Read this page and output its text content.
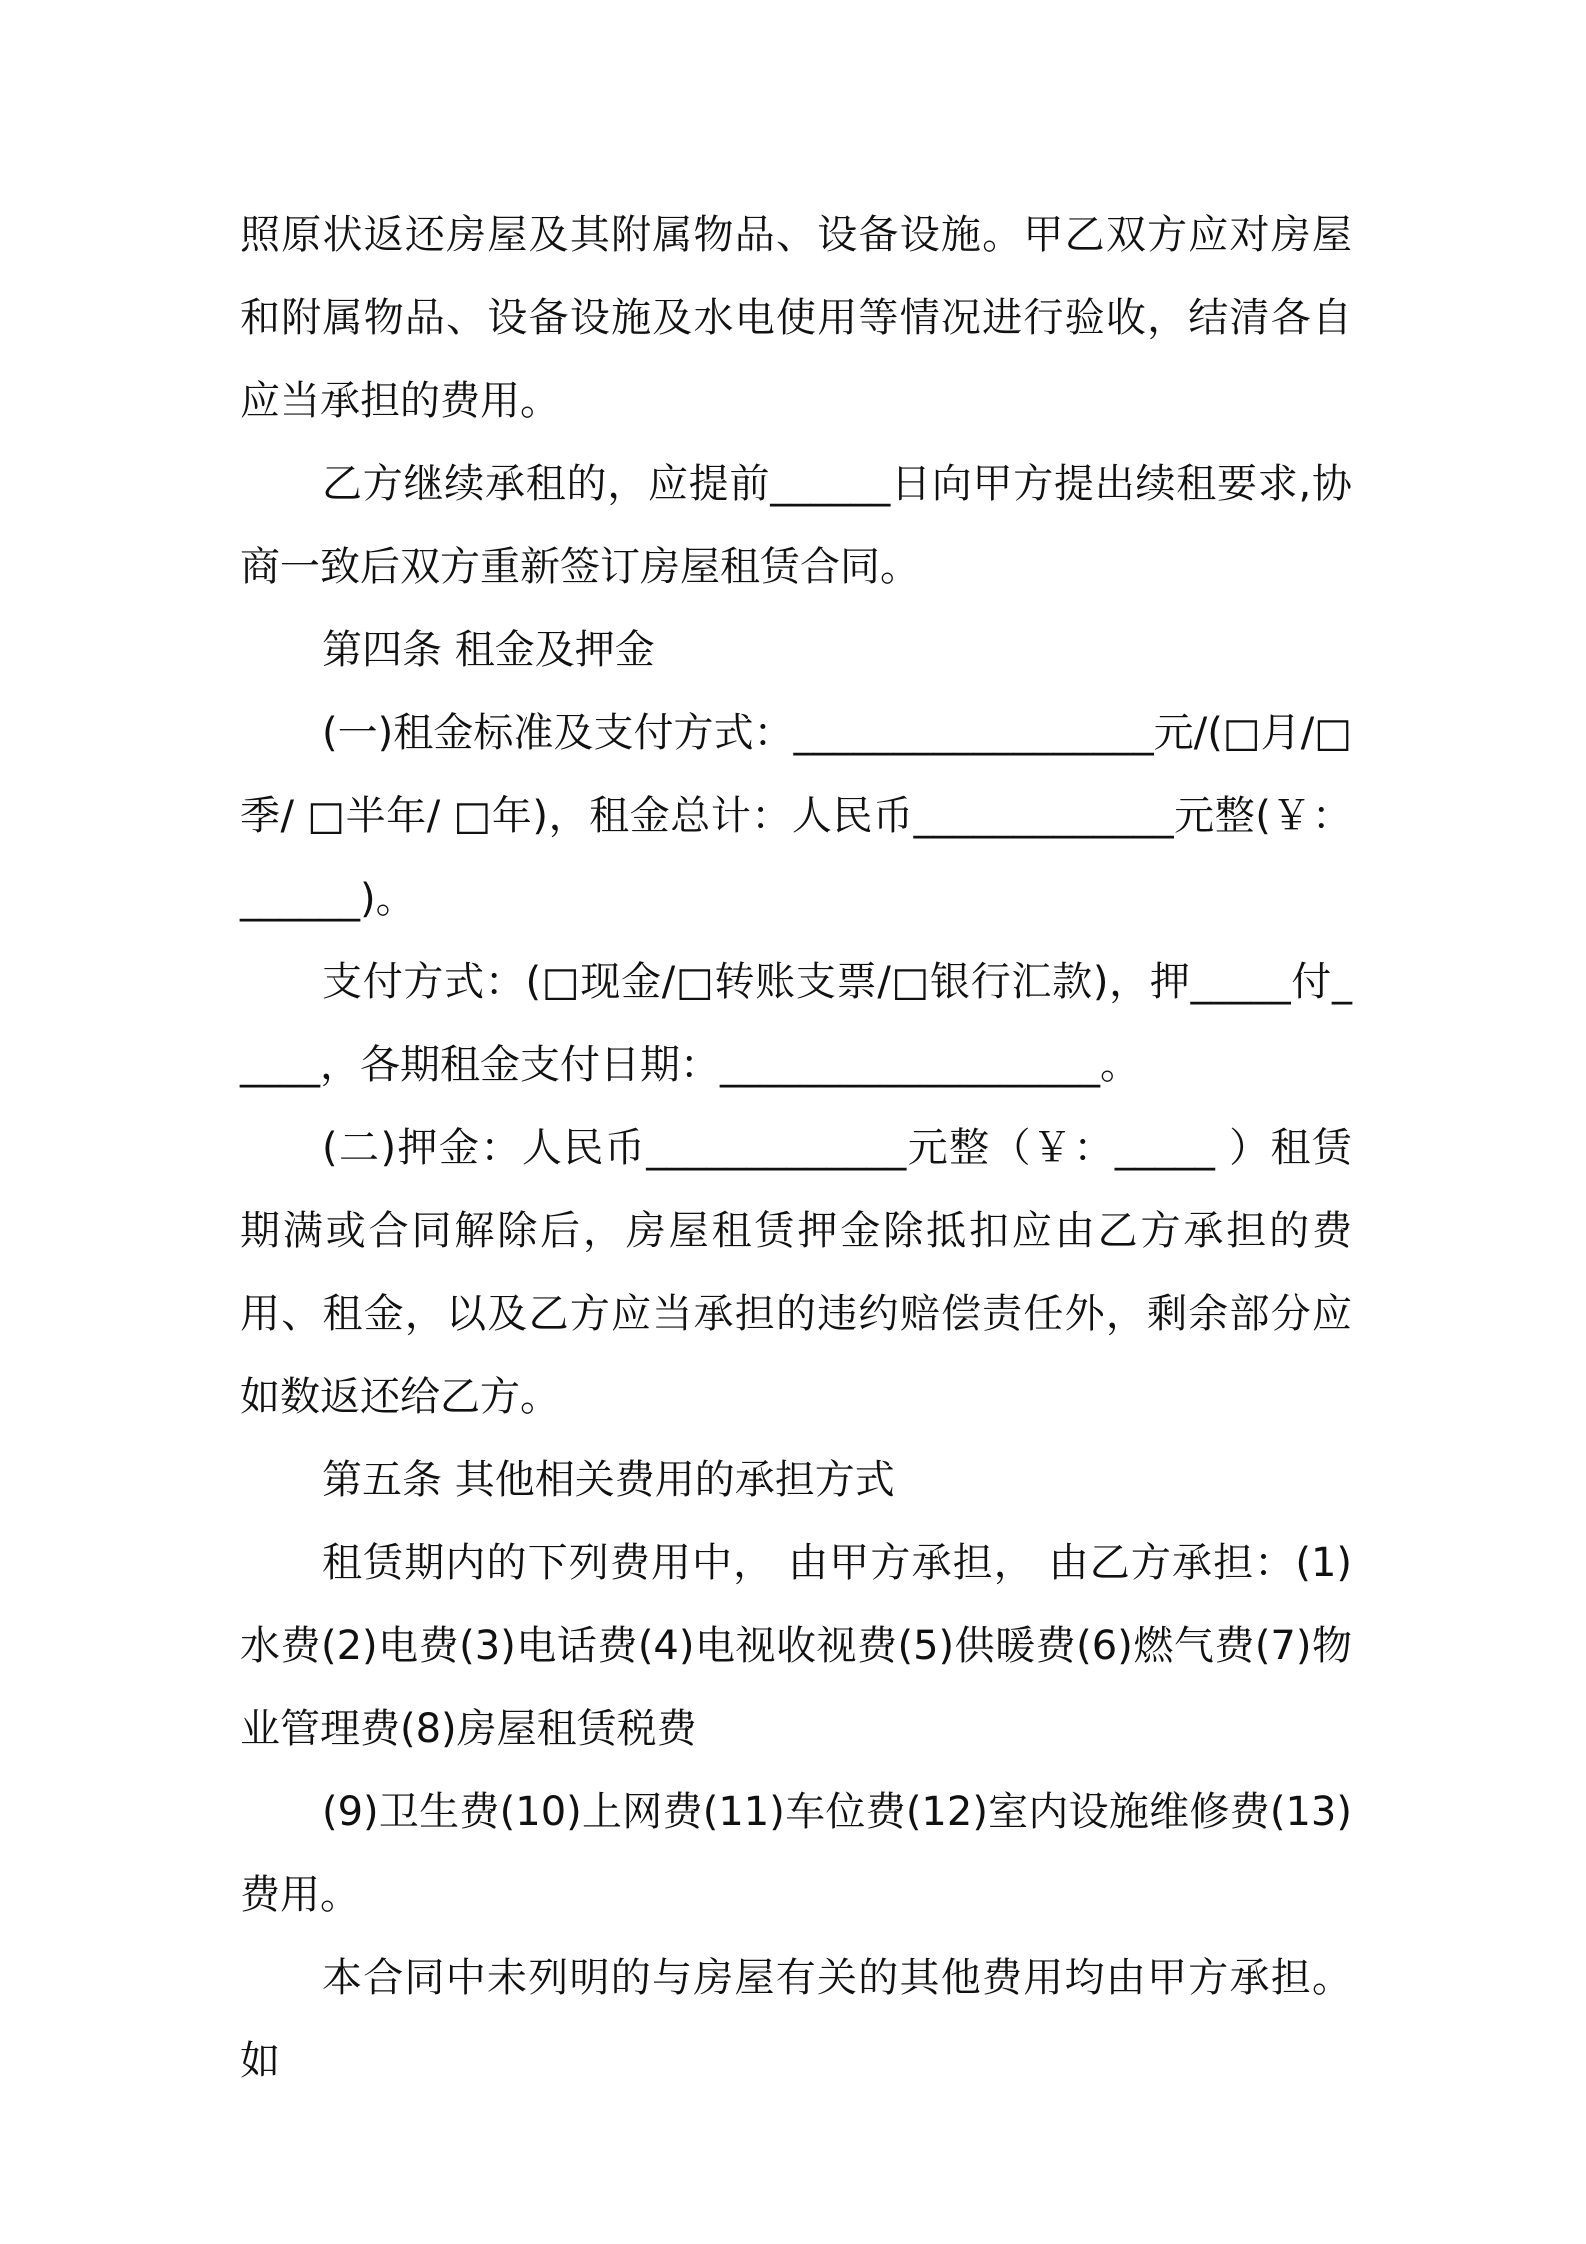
照原状返还房屋及其附属物品、设备设施。甲乙双方应对房屋和附属物品、设备设施及水电使用等情况进行验收，结清各自应当承担的费用。

乙方继续承租的，应提前______日向甲方提出续租要求,协商一致后双方重新签订房屋租赁合同。

第四条 租金及押金

(一)租金标准及支付方式：__________________元/(□月/□季/ □半年/ □年)，租金总计：人民币_____________元整(￥：______)。

支付方式：(□现金/□转账支票/□银行汇款)，押_____付_____，各期租金支付日期：___________________。

(二)押金：人民币_____________元整（￥：_____ ）租赁期满或合同解除后，房屋租赁押金除抵扣应由乙方承担的费用、租金，以及乙方应当承担的违约赔偿责任外，剩余部分应如数返还给乙方。

第五条 其他相关费用的承担方式

租赁期内的下列费用中， 由甲方承担， 由乙方承担：(1)水费(2)电费(3)电话费(4)电视收视费(5)供暖费(6)燃气费(7)物业管理费(8)房屋租赁税费

(9)卫生费(10)上网费(11)车位费(12)室内设施维修费(13)费用。

本合同中未列明的与房屋有关的其他费用均由甲方承担。如
